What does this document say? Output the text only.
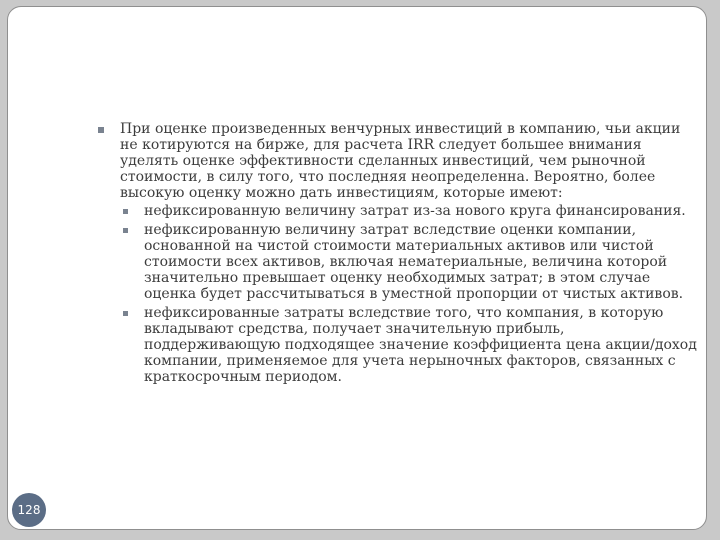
При оценке произведенных венчурных инвестиций в компанию, чьи акции не котируются на бирже, для расчета IRR следует большее внимания уделять оценке эффективности сделанных инвестиций, чем рыночной стоимости, в силу того, что последняя неопределенна. Вероятно, более высокую оценку можно дать инвестициям, которые имеют:
нефиксированную величину затрат из-за нового круга финансирования.
нефиксированную величину затрат вследствие оценки компании, основанной на чистой стоимости материальных активов или чистой стоимости всех активов, включая нематериальные, величина которой значительно превышает оценку необходимых затрат; в этом случае оценка будет рассчитываться в уместной пропорции от чистых активов.
нефиксированные затраты вследствие того, что компания, в которую вкладывают средства, получает значительную прибыль, поддерживающую подходящее значение коэффициента цена акции/доход компании, применяемое для учета нерыночных факторов, связанных с краткосрочным периодом.
128
